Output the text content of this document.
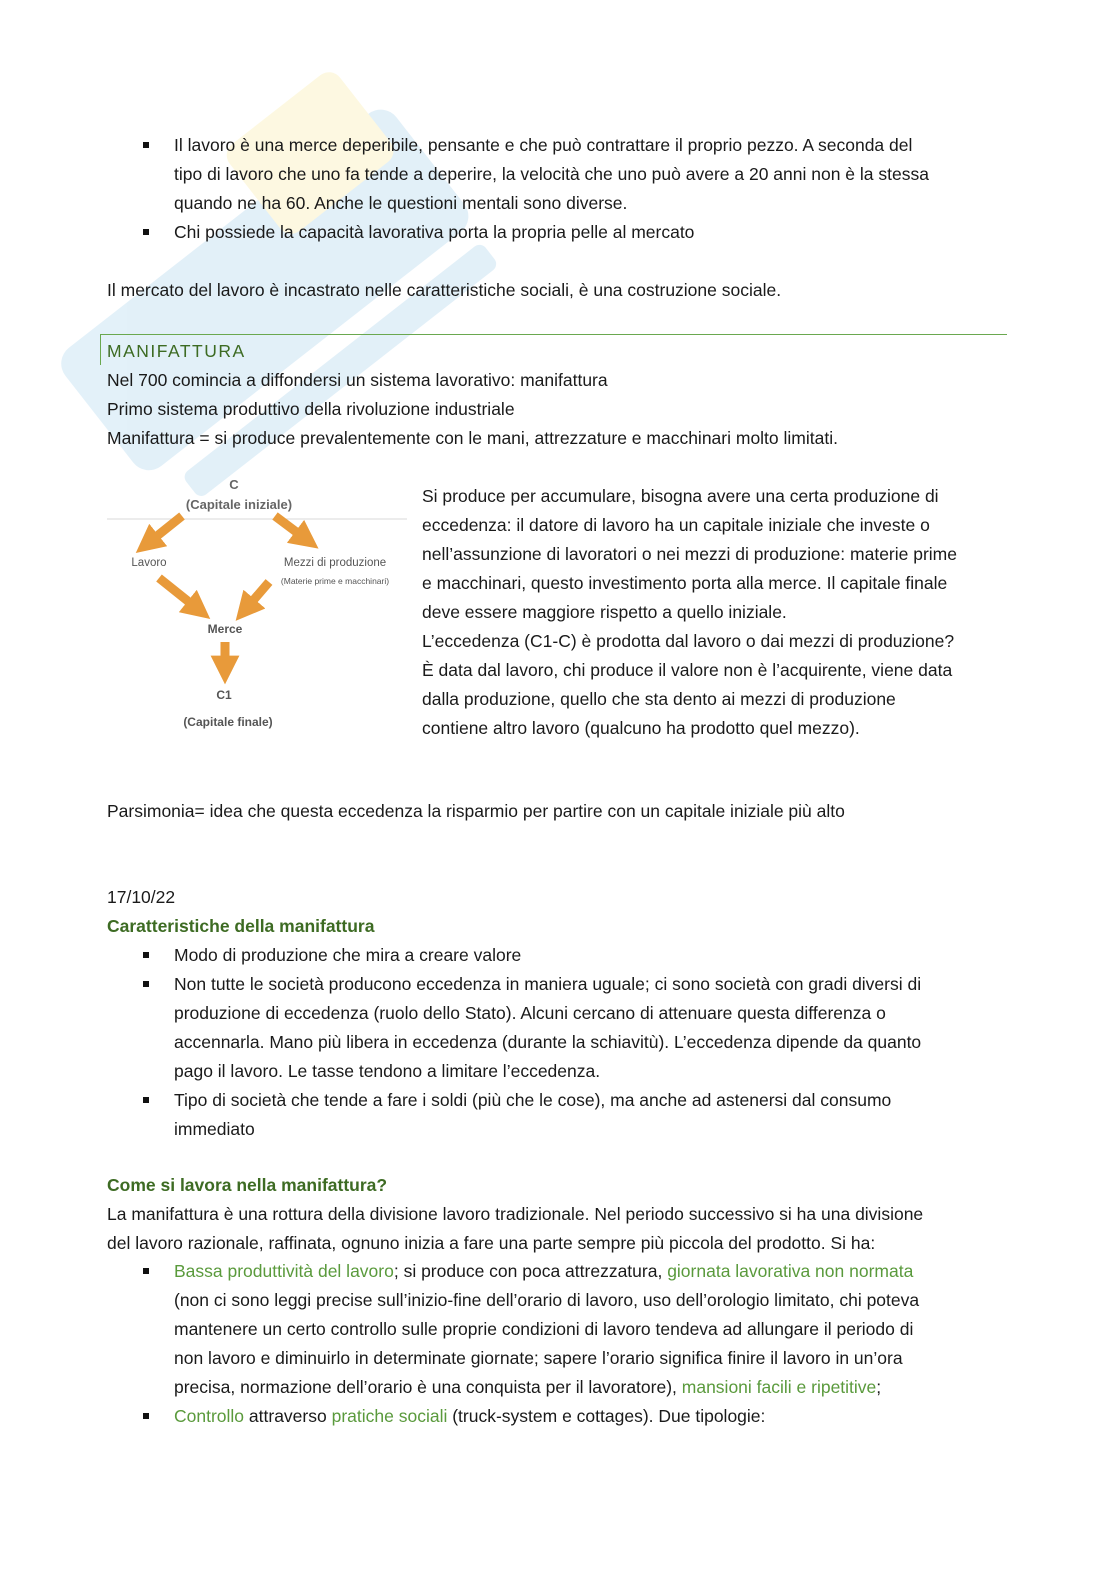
Il lavoro è una merce deperibile, pensante e che può contrattare il proprio pezzo. A seconda del
tipo di lavoro che uno fa tende a deperire, la velocità che uno può avere a 20 anni non è la stessa
quando ne ha 60. Anche le questioni mentali sono diverse.
Chi possiede la capacità lavorativa porta la propria pelle al mercato
Il mercato del lavoro è incastrato nelle caratteristiche sociali, è una costruzione sociale.
MANIFATTURA
Nel 700 comincia a diffondersi un sistema lavorativo: manifattura
Primo sistema produttivo della rivoluzione industriale
Manifattura = si produce prevalentemente con le mani, attrezzature e macchinari molto limitati.
C
(Capitale iniziale)
Lavoro	Mezzi di produzione
(Materie prime e macchinari)
Merce
C1
(Capitale finale)
Si produce per accumulare, bisogna avere una certa produzione di
eccedenza: il datore di lavoro ha un capitale iniziale che investe o
nell’assunzione di lavoratori o nei mezzi di produzione: materie prime
e macchinari, questo investimento porta alla merce. Il capitale finale
deve essere maggiore rispetto a quello iniziale.
L’eccedenza (C1-C) è prodotta dal lavoro o dai mezzi di produzione?
È data dal lavoro, chi produce il valore non è l’acquirente, viene data
dalla produzione, quello che sta dento ai mezzi di produzione
contiene altro lavoro (qualcuno ha prodotto quel mezzo).
Parsimonia= idea che questa eccedenza la risparmio per partire con un capitale iniziale più alto
17/10/22
Caratteristiche della manifattura
Modo di produzione che mira a creare valore
Non tutte le società producono eccedenza in maniera uguale; ci sono società con gradi diversi di
produzione di eccedenza (ruolo dello Stato). Alcuni cercano di attenuare questa differenza o
accennarla. Mano più libera in eccedenza (durante la schiavitù). L’eccedenza dipende da quanto
pago il lavoro. Le tasse tendono a limitare l’eccedenza.
Tipo di società che tende a fare i soldi (più che le cose), ma anche ad astenersi dal consumo
immediato
Come si lavora nella manifattura?
La manifattura è una rottura della divisione lavoro tradizionale. Nel periodo successivo si ha una divisione
del lavoro razionale, raffinata, ognuno inizia a fare una parte sempre più piccola del prodotto. Si ha:
Bassa produttività del lavoro; si produce con poca attrezzatura, giornata lavorativa non normata
(non ci sono leggi precise sull’inizio-fine dell’orario di lavoro, uso dell’orologio limitato, chi poteva
mantenere un certo controllo sulle proprie condizioni di lavoro tendeva ad allungare il periodo di
non lavoro e diminuirlo in determinate giornate; sapere l’orario significa finire il lavoro in un’ora
precisa, normazione dell’orario è una conquista per il lavoratore), mansioni facili e ripetitive;
Controllo attraverso pratiche sociali (truck-system e cottages). Due tipologie:
